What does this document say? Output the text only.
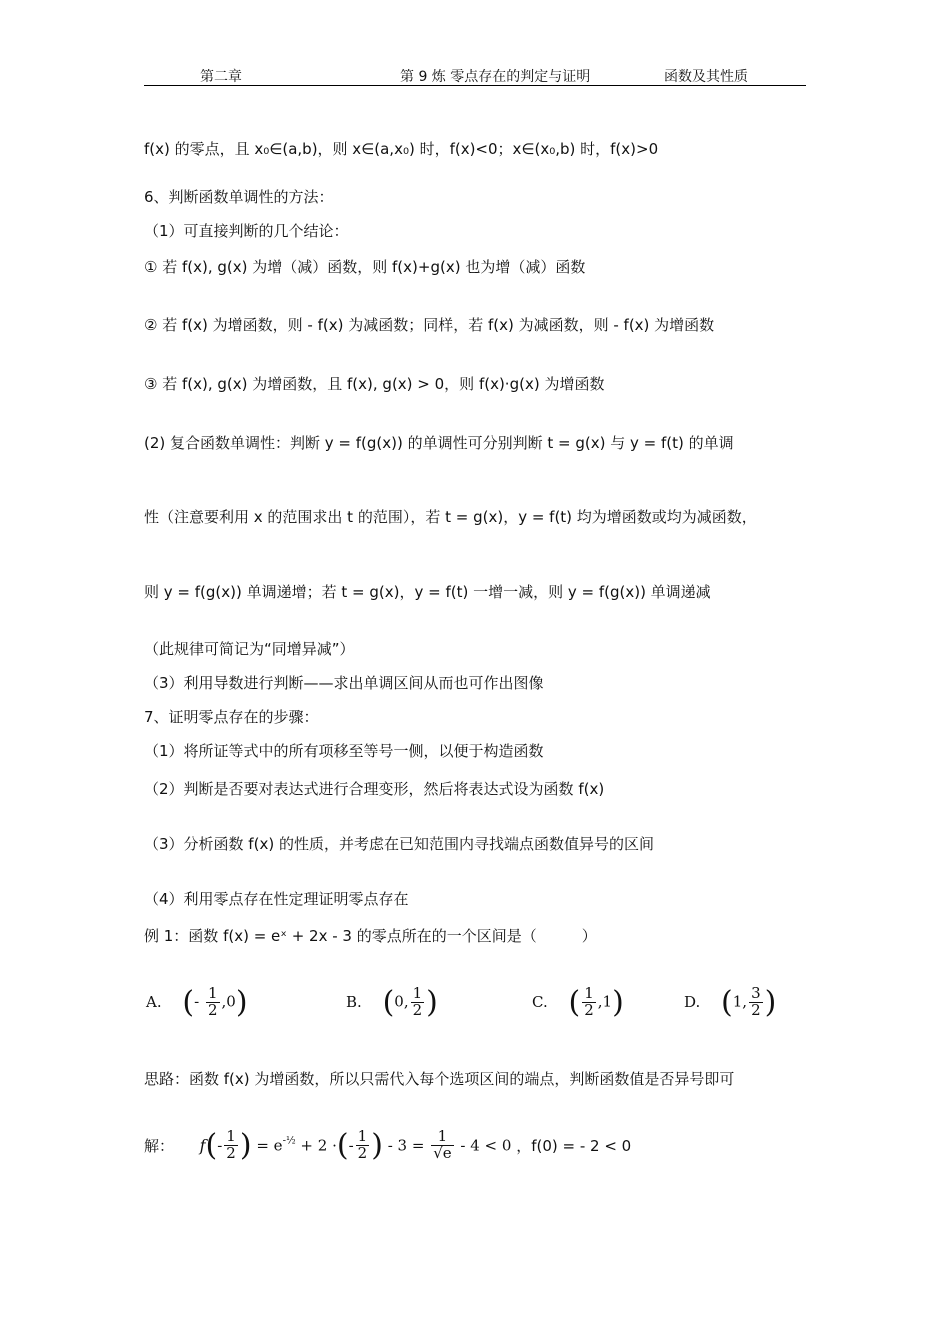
第二章	第 9 炼 零点存在的判定与证明	函数及其性质
f(x) 的零点，且 x₀∈(a,b)，则 x∈(a,x₀) 时，f(x)<0；x∈(x₀,b) 时，f(x)>0
6、判断函数单调性的方法：
（1）可直接判断的几个结论：
① 若 f(x), g(x) 为增（减）函数，则 f(x)+g(x) 也为增（减）函数
② 若 f(x) 为增函数，则 - f(x) 为减函数；同样，若 f(x) 为减函数，则 - f(x) 为增函数
③ 若 f(x), g(x) 为增函数，且 f(x), g(x) > 0，则 f(x)·g(x) 为增函数
(2) 复合函数单调性：判断 y = f(g(x)) 的单调性可分别判断 t = g(x) 与 y = f(t) 的单调
性（注意要利用 x 的范围求出 t 的范围），若 t = g(x)，y = f(t) 均为增函数或均为减函数，
则 y = f(g(x)) 单调递增；若 t = g(x)，y = f(t) 一增一减，则 y = f(g(x)) 单调递减
（此规律可简记为“同增异减”）
（3）利用导数进行判断——求出单调区间从而也可作出图像
7、证明零点存在的步骤：
（1）将所证等式中的所有项移至等号一侧，以便于构造函数
（2）判断是否要对表达式进行合理变形，然后将表达式设为函数 f(x)
（3）分析函数 f(x) 的性质，并考虑在已知范围内寻找端点函数值异号的区间
（4）利用零点存在性定理证明零点存在
例 1：函数 f(x) = eˣ + 2x - 3 的零点所在的一个区间是（　　　）
A. (- $\frac{1}{2} ,0$)	B. (0, $\frac{1}{2}$ )	C. ( $\frac{1}{2} ,1$)	D. (1, $\frac{3}{2}$ )
思路：函数 f(x) 为增函数，所以只需代入每个选项区间的端点，判断函数值是否异号即可
解： $f(- \frac{1}{2}$ ) = $e^{-\frac{1}{2}} + 2$ ·(- $\frac{1}{2}$ ) - $3 = \frac{1}{√e} - 4 < 0$ ，f(0) = - 2 < 0
